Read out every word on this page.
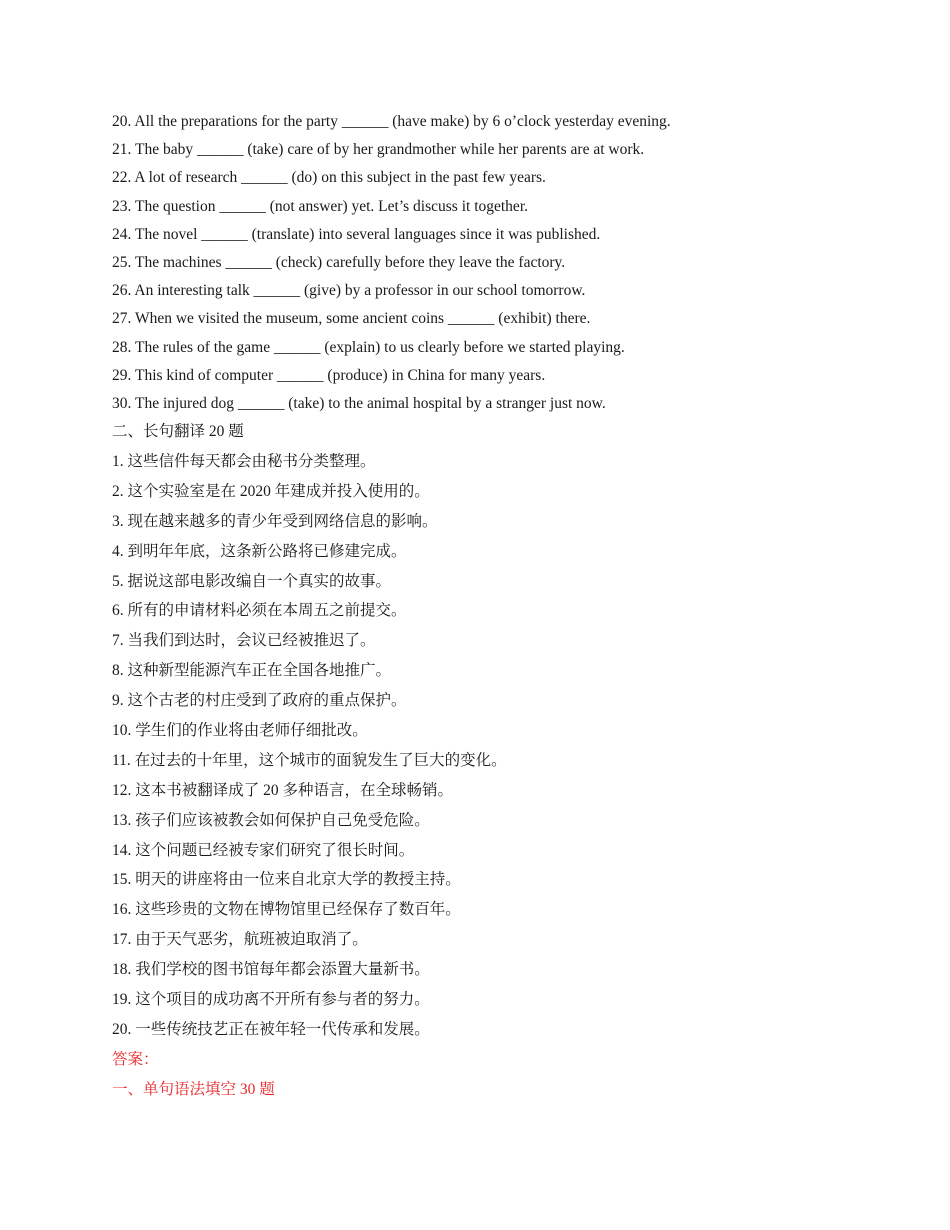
20. All the preparations for the party ______ (have make) by 6 o’clock yesterday evening.

21. The baby ______ (take) care of by her grandmother while her parents are at work.

22. A lot of research ______ (do) on this subject in the past few years.

23. The question ______ (not answer) yet. Let’s discuss it together.

24. The novel ______ (translate) into several languages since it was published.

25. The machines ______ (check) carefully before they leave the factory.

26. An interesting talk ______ (give) by a professor in our school tomorrow.

27. When we visited the museum, some ancient coins ______ (exhibit) there.

28. The rules of the game ______ (explain) to us clearly before we started playing.

29. This kind of computer ______ (produce) in China for many years.

30. The injured dog ______ (take) to the animal hospital by a stranger just now.

二、长句翻译 20 题

1. 这些信件每天都会由秘书分类整理。

2. 这个实验室是在 2020 年建成并投入使用的。

3. 现在越来越多的青少年受到网络信息的影响。

4. 到明年年底，这条新公路将已修建完成。

5. 据说这部电影改编自一个真实的故事。

6. 所有的申请材料必须在本周五之前提交。

7. 当我们到达时，会议已经被推迟了。

8. 这种新型能源汽车正在全国各地推广。

9. 这个古老的村庄受到了政府的重点保护。

10. 学生们的作业将由老师仔细批改。

11. 在过去的十年里，这个城市的面貌发生了巨大的变化。

12. 这本书被翻译成了 20 多种语言，在全球畅销。

13. 孩子们应该被教会如何保护自己免受危险。

14. 这个问题已经被专家们研究了很长时间。

15. 明天的讲座将由一位来自北京大学的教授主持。

16. 这些珍贵的文物在博物馆里已经保存了数百年。

17. 由于天气恶劣，航班被迫取消了。

18. 我们学校的图书馆每年都会添置大量新书。

19. 这个项目的成功离不开所有参与者的努力。

20. 一些传统技艺正在被年轻一代传承和发展。

答案：

一、单句语法填空 30 题
